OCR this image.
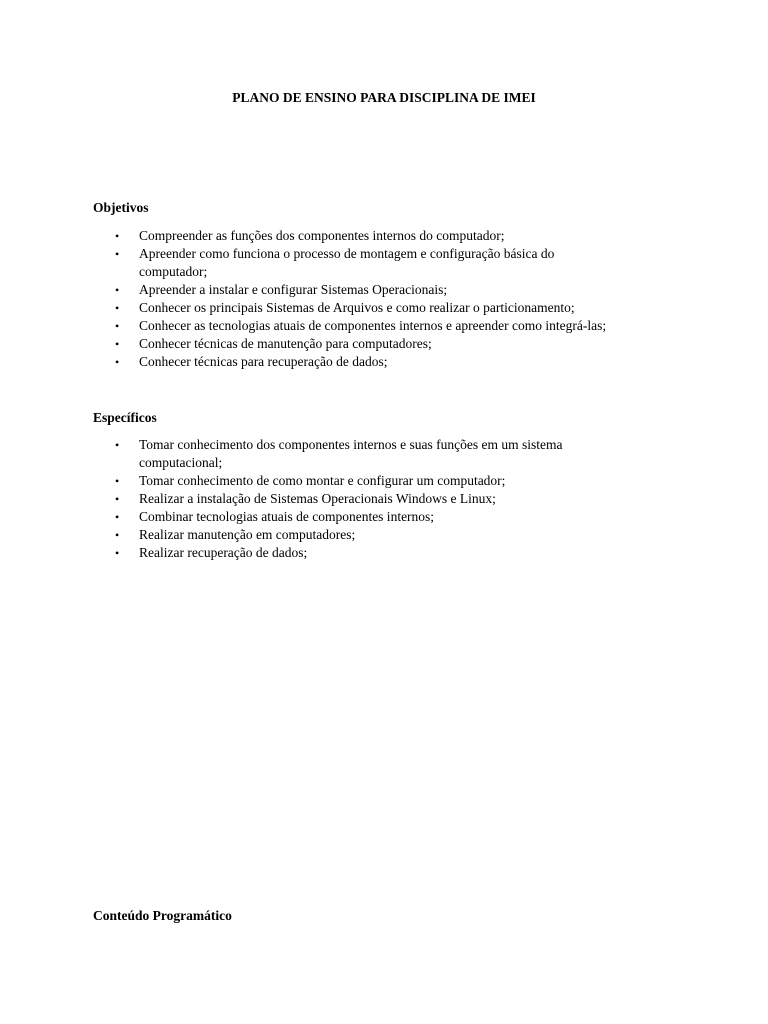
PLANO DE ENSINO PARA DISCIPLINA DE IMEI
Objetivos
• Compreender as funções dos componentes internos do computador;
• Apreender como funciona o processo de montagem e configuração básica do computador;
• Apreender a instalar e configurar Sistemas Operacionais;
• Conhecer os principais Sistemas de Arquivos e como realizar o particionamento;
• Conhecer as tecnologias atuais de componentes internos e apreender como integrá-las;
• Conhecer técnicas de manutenção para computadores;
• Conhecer técnicas para recuperação de dados;
Específicos
• Tomar conhecimento dos componentes internos e suas funções em um sistema computacional;
• Tomar conhecimento de como montar e configurar um computador;
• Realizar a instalação de Sistemas Operacionais Windows e Linux;
• Combinar tecnologias atuais de componentes internos;
• Realizar manutenção em computadores;
• Realizar recuperação de dados;
Conteúdo Programático
